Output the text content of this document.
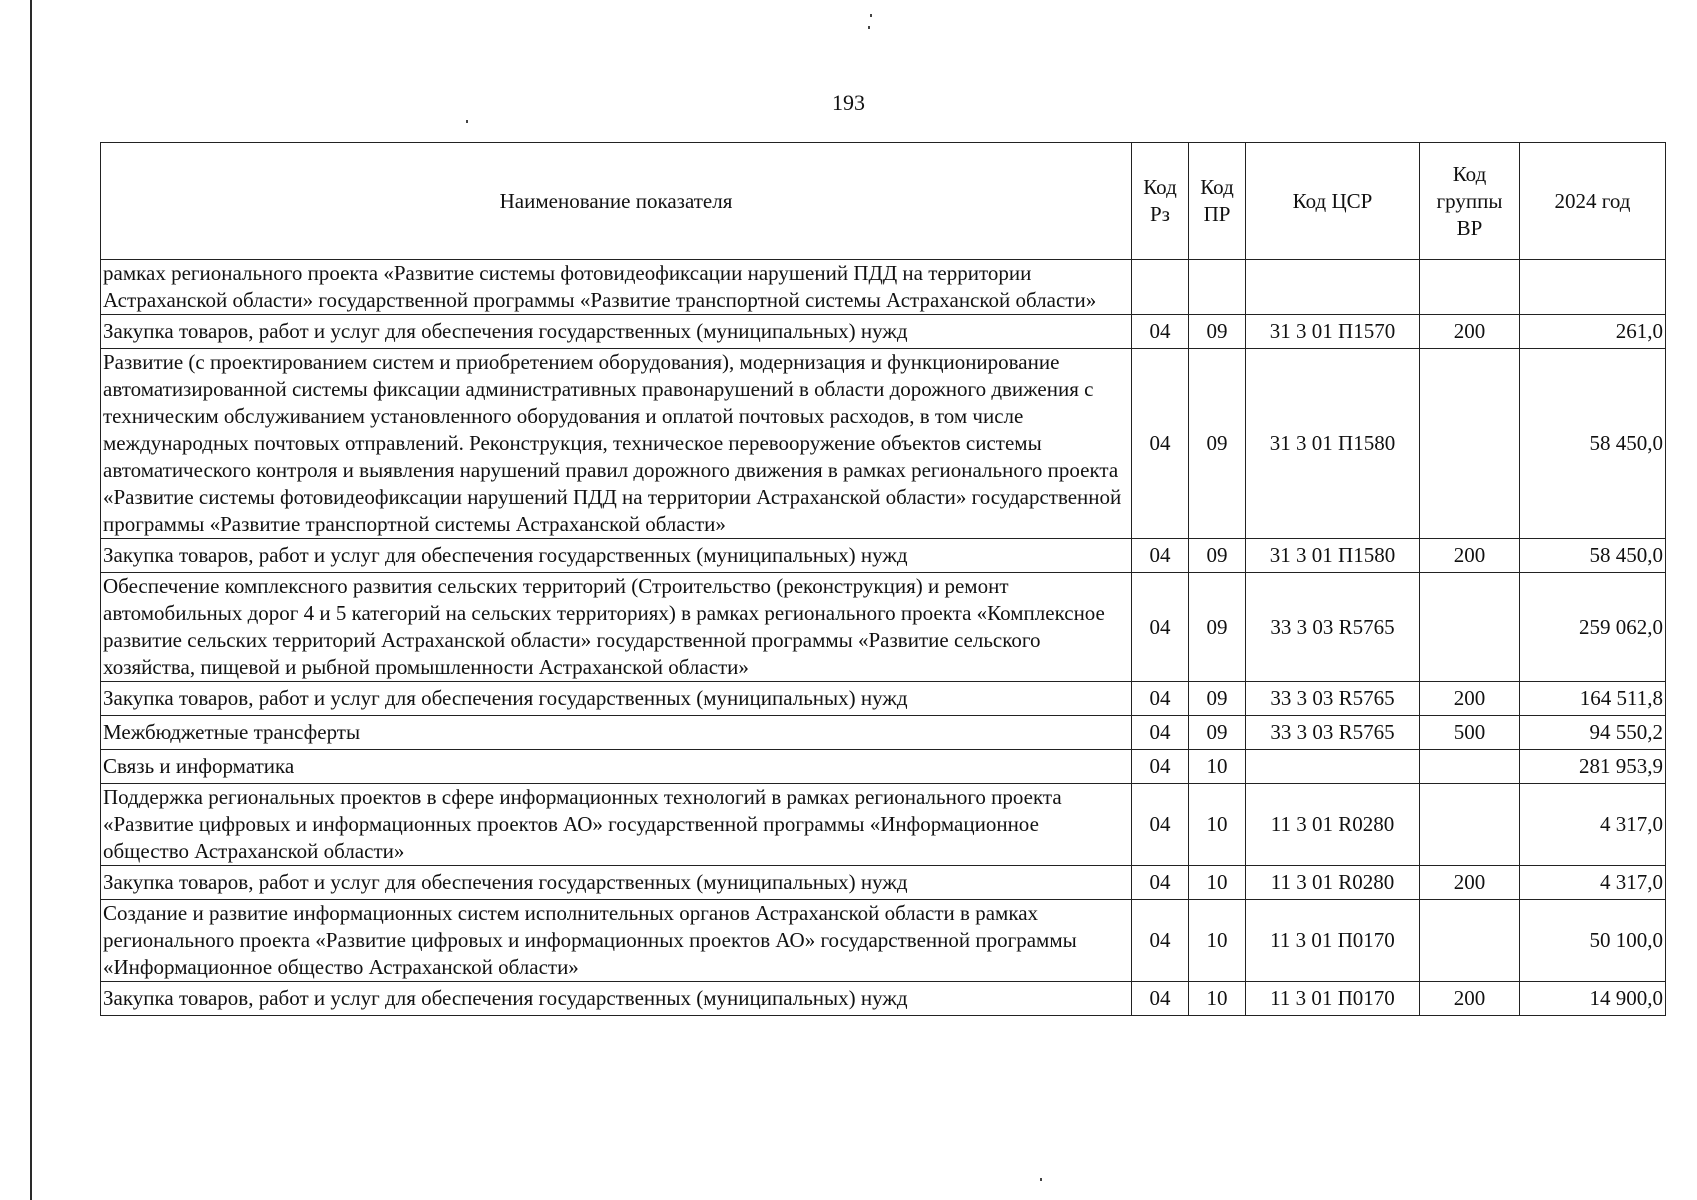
193
Наименование показателя	Код Рз	Код ПР	Код ЦСР	Код группы ВР	2024 год
рамках регионального проекта «Развитие системы фотовидеофиксации нарушений ПДД на территории Астраханской области» государственной программы «Развитие транспортной системы Астраханской области»					
Закупка товаров, работ и услуг для обеспечения государственных (муниципальных) нужд	04	09	31 3 01 П1570	200	261,0
Развитие (с проектированием систем и приобретением оборудования), модернизация и функционирование автоматизированной системы фиксации административных правонарушений в области дорожного движения с техническим обслуживанием установленного оборудования и оплатой почтовых расходов, в том числе международных почтовых отправлений. Реконструкция, техническое перевооружение объектов системы автоматического контроля и выявления нарушений правил дорожного движения в рамках регионального проекта «Развитие системы фотовидеофиксации нарушений ПДД на территории Астраханской области» государственной программы «Развитие транспортной системы Астраханской области»	04	09	31 3 01 П1580		58 450,0
Закупка товаров, работ и услуг для обеспечения государственных (муниципальных) нужд	04	09	31 3 01 П1580	200	58 450,0
Обеспечение комплексного развития сельских территорий (Строительство (реконструкция) и ремонт автомобильных дорог 4 и 5 категорий на сельских территориях) в рамках регионального проекта «Комплексное развитие сельских территорий Астраханской области» государственной программы «Развитие сельского хозяйства, пищевой и рыбной промышленности Астраханской области»	04	09	33 3 03 R5765		259 062,0
Закупка товаров, работ и услуг для обеспечения государственных (муниципальных) нужд	04	09	33 3 03 R5765	200	164 511,8
Межбюджетные трансферты	04	09	33 3 03 R5765	500	94 550,2
Связь и информатика	04	10			281 953,9
Поддержка региональных проектов в сфере информационных технологий в рамках регионального проекта «Развитие цифровых и информационных проектов АО» государственной программы «Информационное общество Астраханской области»	04	10	11 3 01 R0280		4 317,0
Закупка товаров, работ и услуг для обеспечения государственных (муниципальных) нужд	04	10	11 3 01 R0280	200	4 317,0
Создание и развитие информационных систем исполнительных органов Астраханской области в рамках регионального проекта «Развитие цифровых и информационных проектов АО» государственной программы «Информационное общество Астраханской области»	04	10	11 3 01 П0170		50 100,0
Закупка товаров, работ и услуг для обеспечения государственных (муниципальных) нужд	04	10	11 3 01 П0170	200	14 900,0
